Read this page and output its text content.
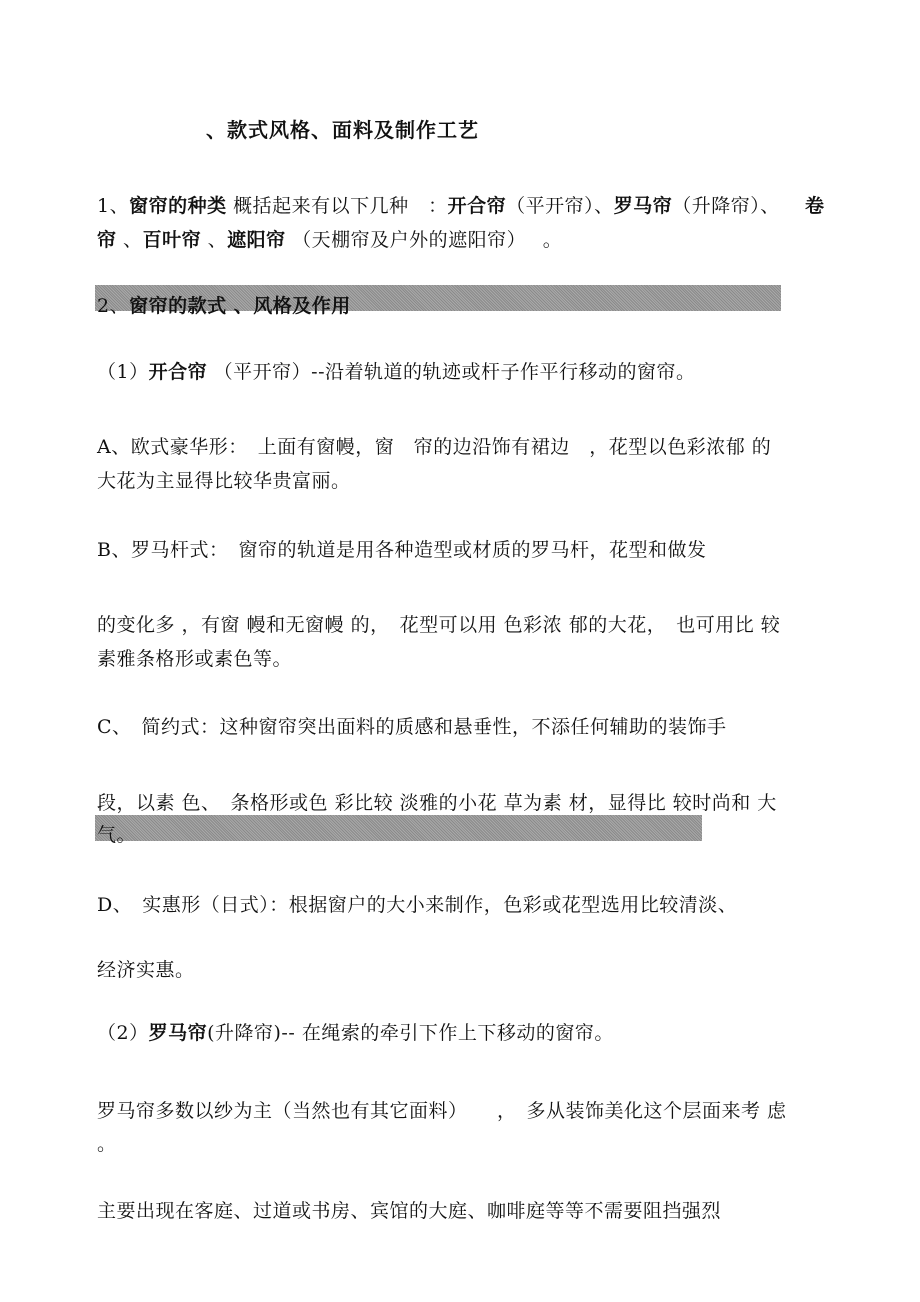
、款式风格、面料及制作工艺
1、窗帘的种类 概括起来有以下几种　：开合帘（平开帘）、罗马帘（升降帘）、 卷
帘 、百叶帘 、遮阳帘 （天棚帘及户外的遮阳帘）　 。
2、窗帘的款式 、风格及作用
（1）开合帘 （平开帘）--沿着轨道的轨迹或杆子作平行移动的窗帘。
A、欧式豪华形：　上面有窗幔，窗　帘的边沿饰有裙边　，花型以色彩浓郁 的
大花为主显得比较华贵富丽。
B、罗马杆式：　窗帘的轨道是用各种造型或材质的罗马杆，花型和做发
的变化多 ，有窗 幔和无窗幔 的，　花型可以用 色彩浓 郁的大花，　也可用比 较
素雅条格形或素色等。
C、　简约式：这种窗帘突出面料的质感和悬垂性，不添任何辅助的装饰手
段，以素 色、　条格形或色 彩比较 淡雅的小花 草为素 材，显得比 较时尚和 大
气。
D、　实惠形（日式）：根据窗户的大小来制作，色彩或花型选用比较清淡、
经济实惠。
（2）罗马帘(升降帘)-- 在绳索的牵引下作上下移动的窗帘。
罗马帘多数以纱为主（当然也有其它面料）　　，　多从装饰美化这个层面来考 虑
。
主要出现在客庭、过道或书房、宾馆的大庭、咖啡庭等等不需要阻挡强烈
